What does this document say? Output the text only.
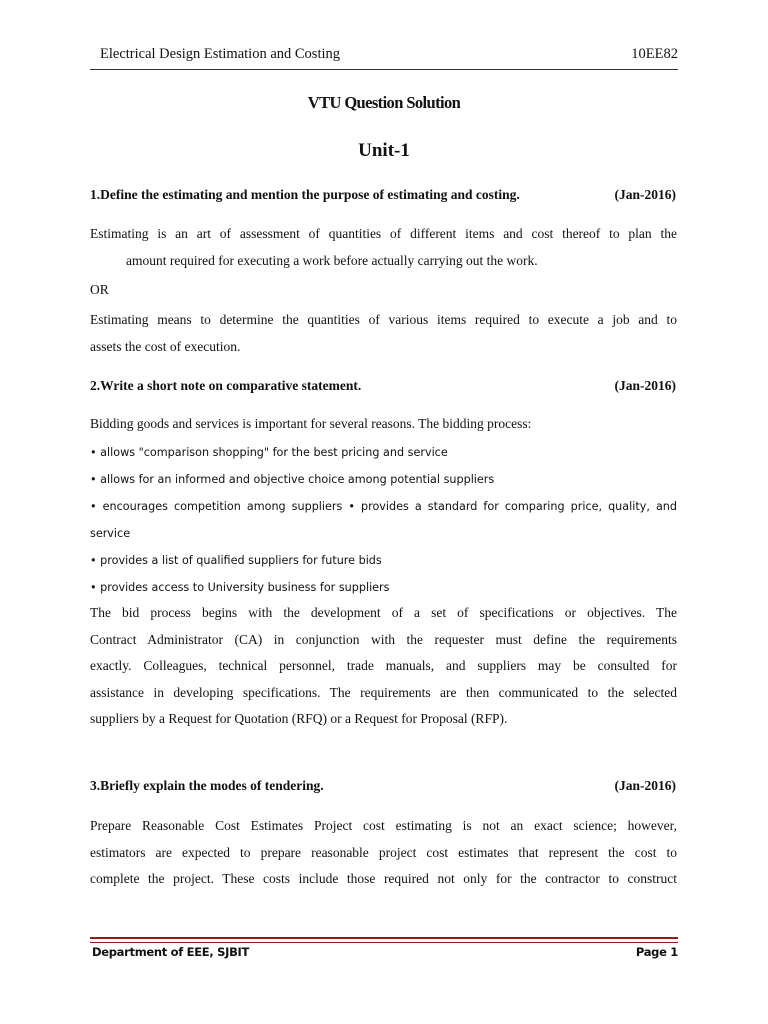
Electrical Design Estimation and Costing	10EE82
VTU Question Solution
Unit-1
1.Define the estimating and mention the purpose of estimating and costing.	(Jan-2016)
Estimating is an art of assessment of quantities of different items and cost thereof to plan the
amount required for executing a work before actually carrying out the work.
OR
Estimating means to determine the quantities of various items required to execute a job and to
assets the cost of execution.
2.Write a short note on comparative statement.	(Jan-2016)
Bidding goods and services is important for several reasons. The bidding process:
• allows "comparison shopping" for the best pricing and service
• allows for an informed and objective choice among potential suppliers
• encourages competition among suppliers • provides a standard for comparing price, quality, and
service
• provides a list of qualified suppliers for future bids
• provides access to University business for suppliers
The bid process begins with the development of a set of specifications or objectives. The
Contract Administrator (CA) in conjunction with the requester must define the requirements
exactly. Colleagues, technical personnel, trade manuals, and suppliers may be consulted for
assistance in developing specifications. The requirements are then communicated to the selected
suppliers by a Request for Quotation (RFQ) or a Request for Proposal (RFP).
3.Briefly explain the modes of tendering.	(Jan-2016)
Prepare Reasonable Cost Estimates Project cost estimating is not an exact science; however,
estimators are expected to prepare reasonable project cost estimates that represent the cost to
complete the project. These costs include those required not only for the contractor to construct
Department of EEE, SJBIT	Page 1
